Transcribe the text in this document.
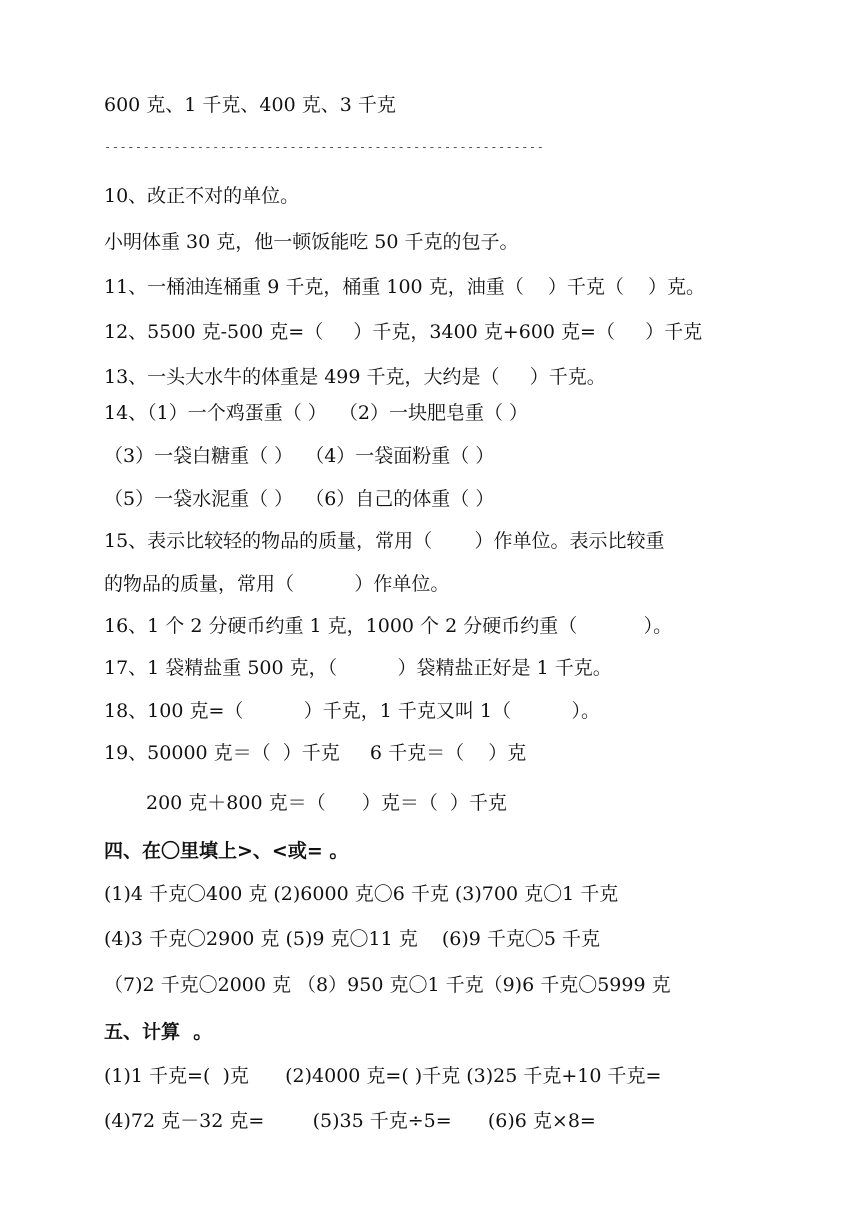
600 克、1 千克、400 克、3 千克
---------------------------------------------------------
10、改正不对的单位。
小明体重 30 克，他一顿饭能吃 50 千克的包子。
11、一桶油连桶重 9 千克，桶重 100 克，油重（    ）千克（    ）克。
12、5500 克-500 克=（     ）千克，3400 克+600 克=（     ）千克
13、一头大水牛的体重是 499 千克，大约是（     ）千克。
14、（1）一个鸡蛋重（ ）  （2）一块肥皂重（ ）
（3）一袋白糖重（ ）  （4）一袋面粉重（ ）
（5）一袋水泥重（ ）  （6）自己的体重（ ）
15、表示比较轻的物品的质量，常用（       ）作单位。表示比较重
的物品的质量，常用（          ）作单位。
16、1 个 2 分硬币约重 1 克，1000 个 2 分硬币约重（           ）。
17、1 袋精盐重 500 克，（          ）袋精盐正好是 1 千克。
18、100 克=（          ）千克，1 千克又叫 1（          ）。
19、50000 克＝（  ）千克     6 千克＝（    ）克
200 克＋800 克＝（      ）克＝（  ）千克
四、在〇里填上>、<或= 。
(1)4 千克〇400 克 (2)6000 克〇6 千克 (3)700 克〇1 千克
(4)3 千克〇2900 克 (5)9 克〇11 克    (6)9 千克〇5 千克
（7)2 千克〇2000 克 （8）950 克〇1 千克（9)6 千克〇5999 克
五、计算  。
(1)1 千克=(  )克      (2)4000 克=( )千克 (3)25 千克+10 千克=
(4)72 克－32 克=        (5)35 千克÷5=      (6)6 克×8=
